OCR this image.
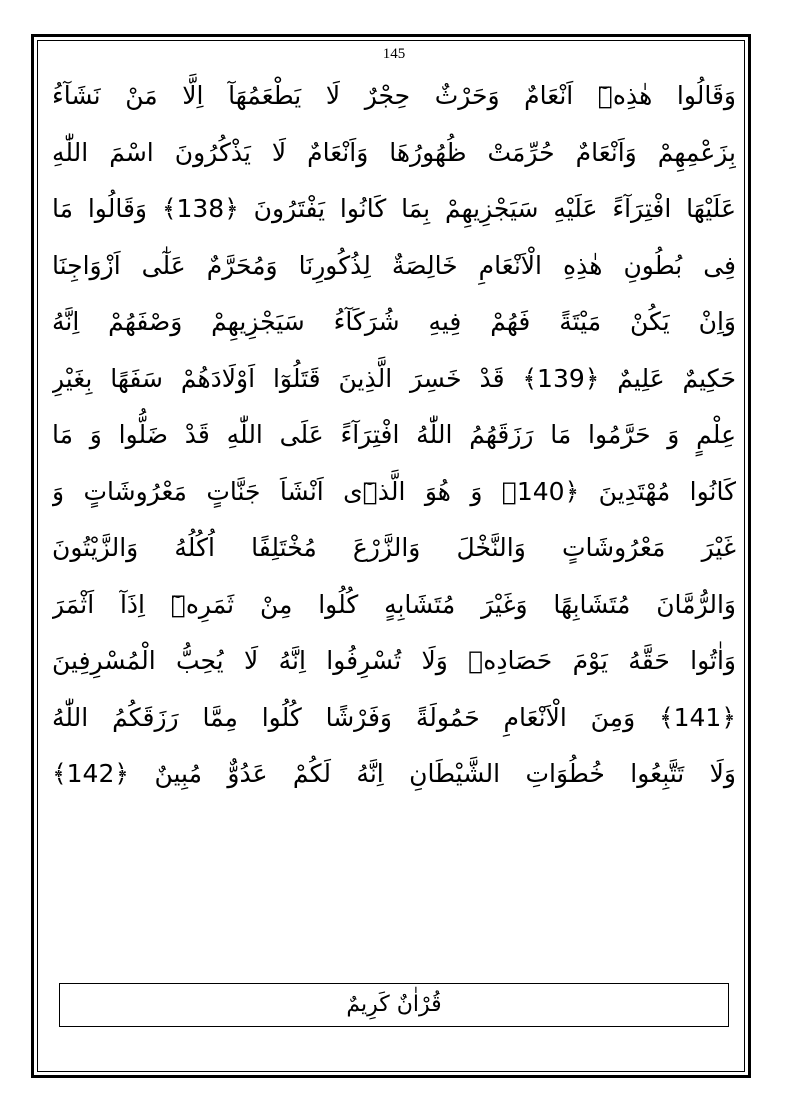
145
وَقَالُوا هٰذِهٖٓ اَنْعَامٌ وَحَرْثٌ حِجْرٌ لَا يَطْعَمُهَآ اِلَّا مَنْ نَشَآءُ
بِزَعْمِهِمْ وَاَنْعَامٌ حُرِّمَتْ ظُهُورُهَا وَاَنْعَامٌ لَا يَذْكُرُونَ اسْمَ اللّٰهِ
عَلَيْهَا افْتِرَآءً عَلَيْهِ سَيَجْزِيهِمْ بِمَا كَانُوا يَفْتَرُونَ ﴿138﴾ وَقَالُوا مَا
فِى بُطُونِ هٰذِهِ الْاَنْعَامِ خَالِصَةٌ لِذُكُورِنَا وَمُحَرَّمٌ عَلٰٓى اَزْوَاجِنَا
وَاِنْ يَكُنْ مَيْتَةً فَهُمْ فِيهِ شُرَكَآءُ سَيَجْزِيهِمْ وَصْفَهُمْ اِنَّهُ
حَكِيمٌ عَلِيمٌ ﴿139﴾ قَدْ خَسِرَ الَّذِينَ قَتَلُوٓا اَوْلَادَهُمْ سَفَهًا بِغَيْرِ
عِلْمٍ وَ حَرَّمُوا مَا رَزَقَهُمُ اللّٰهُ افْتِرَآءً عَلَى اللّٰهِ قَدْ ضَلُّوا وَ مَا
كَانُوا مُهْتَدِينَ ﴿140﴾ وَ هُوَ الَّذٖٓى اَنْشَاَ جَنَّاتٍ مَعْرُوشَاتٍ وَ
غَيْرَ مَعْرُوشَاتٍ وَالنَّخْلَ وَالزَّرْعَ مُخْتَلِفًا اُكُلُهُ وَالزَّيْتُونَ
وَالرُّمَّانَ مُتَشَابِهًا وَغَيْرَ مُتَشَابِهٍ كُلُوا مِنْ ثَمَرِهٖٓ اِذَآ اَثْمَرَ
وَاٰتُوا حَقَّهُ يَوْمَ حَصَادِهٖ وَلَا تُسْرِفُوا اِنَّهُ لَا يُحِبُّ الْمُسْرِفِينَ
﴿141﴾ وَمِنَ الْاَنْعَامِ حَمُولَةً وَفَرْشًا كُلُوا مِمَّا رَزَقَكُمُ اللّٰهُ
وَلَا تَتَّبِعُوا خُطُوَاتِ الشَّيْطَانِ اِنَّهُ لَكُمْ عَدُوٌّ مُبِينٌ ﴿142﴾
قُرْاٰنٌ كَرِيمٌ
